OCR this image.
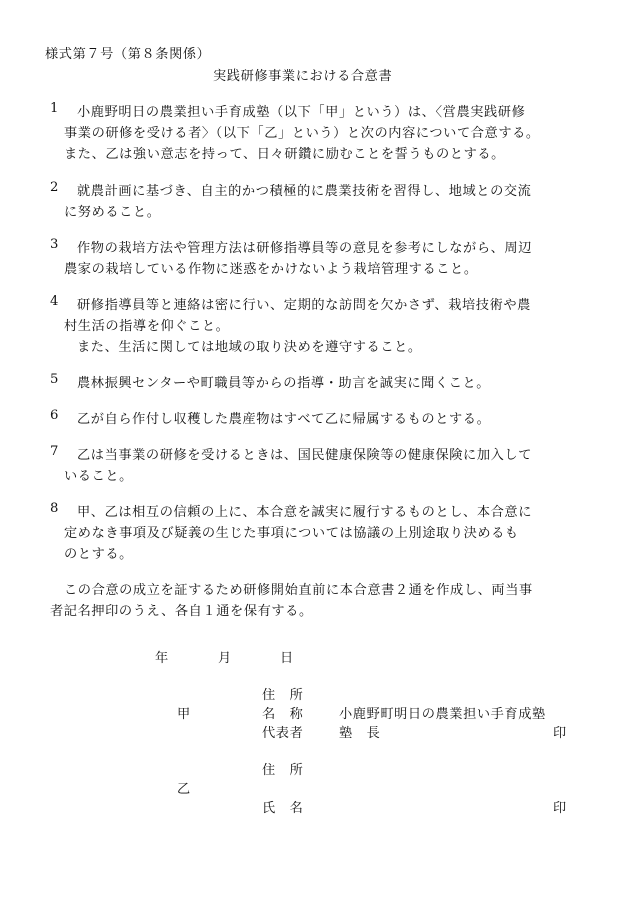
様式第７号（第８条関係）
実践研修事業における合意書
1 小鹿野明日の農業担い手育成塾（以下「甲」という）は、〈営農実践研修
事業の研修を受ける者〉（以下「乙」という）と次の内容について合意する。
また、乙は強い意志を持って、日々研鑽に励むことを誓うものとする。
2 就農計画に基づき、自主的かつ積極的に農業技術を習得し、地域との交流
に努めること。
3 作物の栽培方法や管理方法は研修指導員等の意見を参考にしながら、周辺
農家の栽培している作物に迷惑をかけないよう栽培管理すること。
4 研修指導員等と連絡は密に行い、定期的な訪問を欠かさず、栽培技術や農
村生活の指導を仰ぐこと。
また、生活に関しては地域の取り決めを遵守すること。
5 農林振興センターや町職員等からの指導・助言を誠実に聞くこと。
6 乙が自ら作付し収穫した農産物はすべて乙に帰属するものとする。
7 乙は当事業の研修を受けるときは、国民健康保険等の健康保険に加入して
いること。
8 甲、乙は相互の信頼の上に、本合意を誠実に履行するものとし、本合意に
定めなき事項及び疑義の生じた事項については協議の上別途取り決めるも
のとする。
この合意の成立を証するため研修開始直前に本合意書２通を作成し、両当事
者記名押印のうえ、各自１通を保有する。
年	月	日
住　所
甲	名　称	小鹿野町明日の農業担い手育成塾
代表者	塾　長	印
住　所
乙
氏　名	印
